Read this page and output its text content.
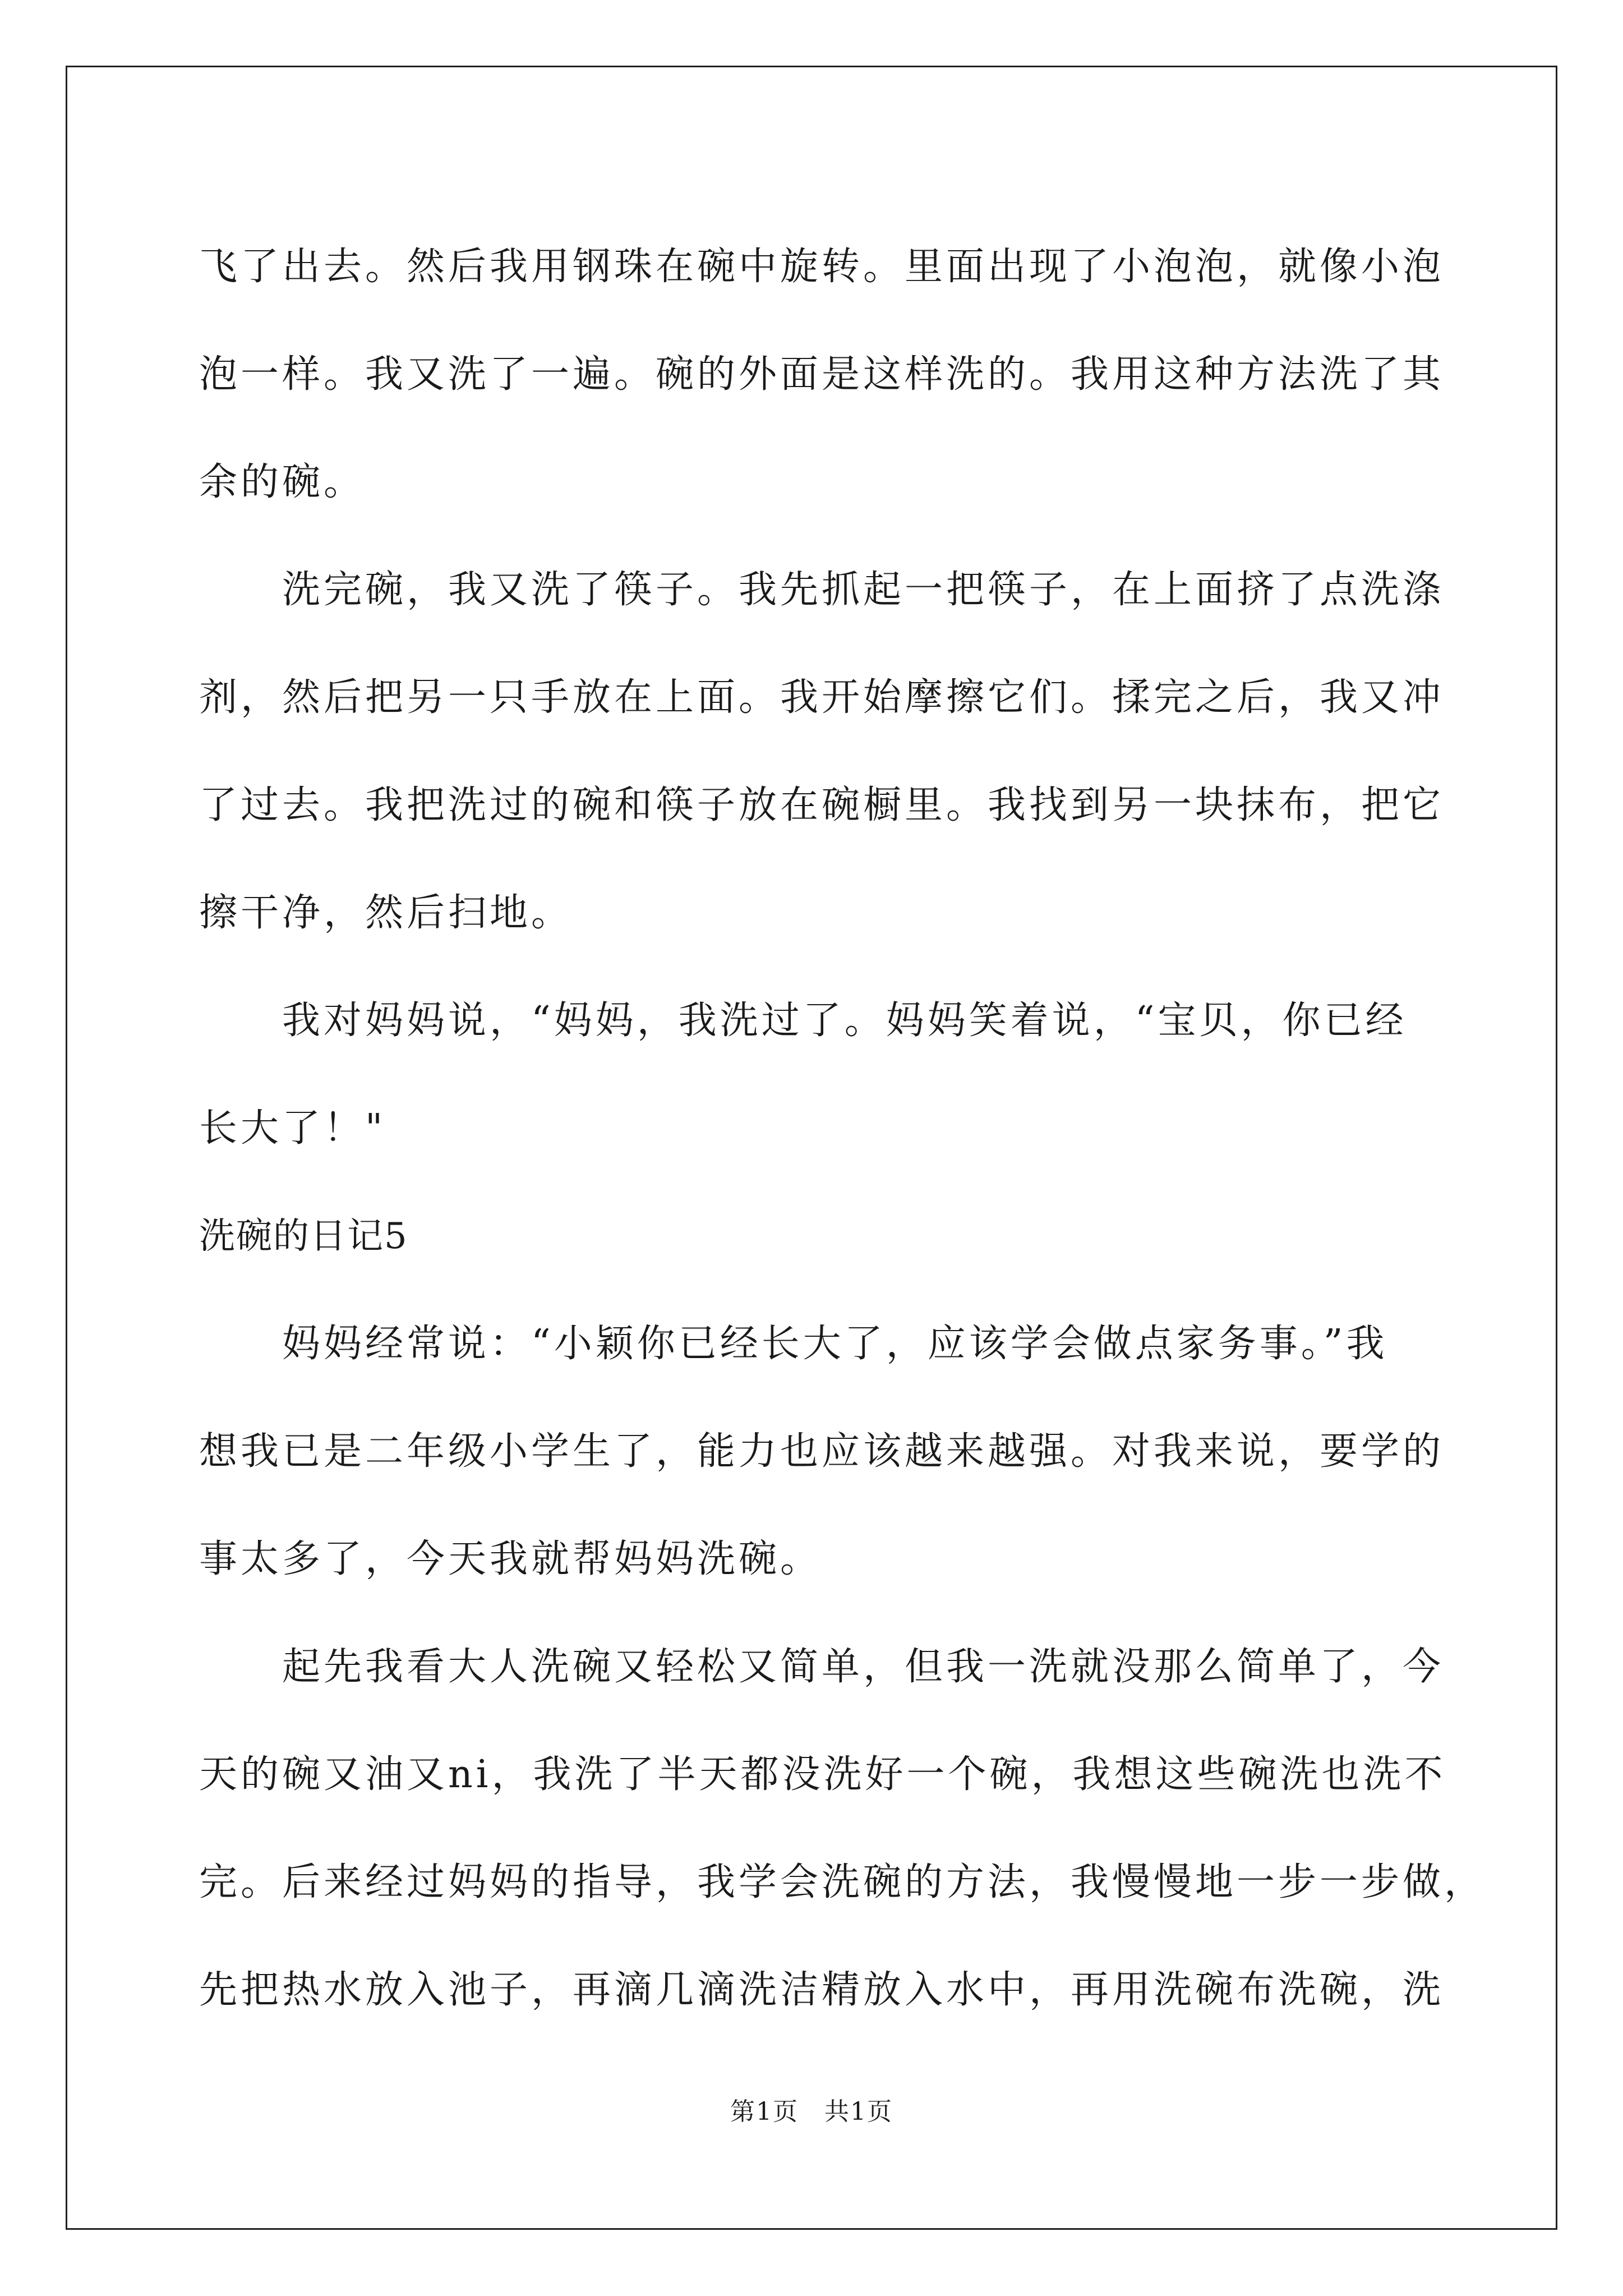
飞了出去。然后我用钢珠在碗中旋转。里面出现了小泡泡，就像小泡
泡一样。我又洗了一遍。碗的外面是这样洗的。我用这种方法洗了其
余的碗。
　　洗完碗，我又洗了筷子。我先抓起一把筷子，在上面挤了点洗涤
剂，然后把另一只手放在上面。我开始摩擦它们。揉完之后，我又冲
了过去。我把洗过的碗和筷子放在碗橱里。我找到另一块抹布，把它
擦干净，然后扫地。
　　我对妈妈说，“妈妈，我洗过了。妈妈笑着说，“宝贝，你已经
长大了！"
洗碗的日记5
　　妈妈经常说：“小颖你已经长大了，应该学会做点家务事。”我
想我已是二年级小学生了，能力也应该越来越强。对我来说，要学的
事太多了，今天我就帮妈妈洗碗。
　　起先我看大人洗碗又轻松又简单，但我一洗就没那么简单了，今
天的碗又油又ni，我洗了半天都没洗好一个碗，我想这些碗洗也洗不
完。后来经过妈妈的指导，我学会洗碗的方法，我慢慢地一步一步做，
先把热水放入池子，再滴几滴洗洁精放入水中，再用洗碗布洗碗，洗
第1页　共1页
